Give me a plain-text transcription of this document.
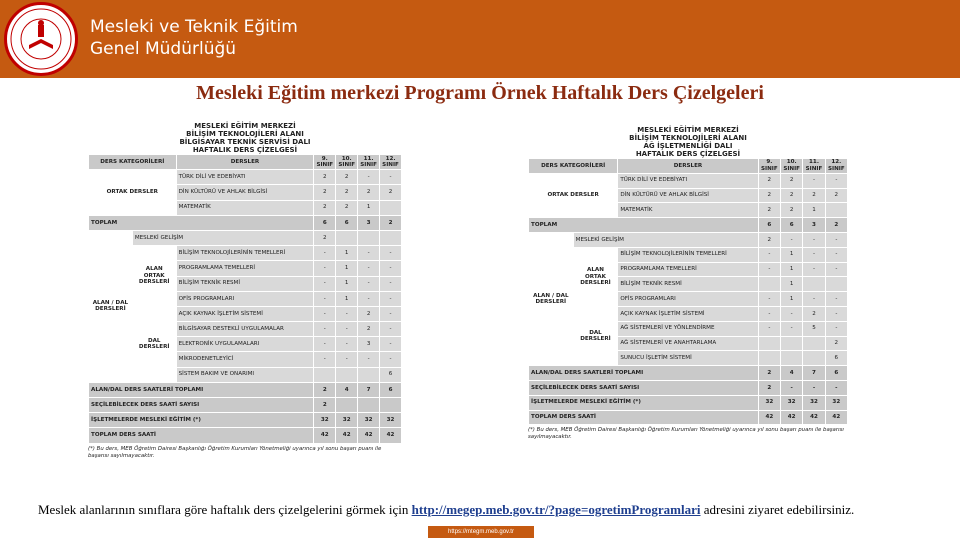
Mesleki ve Teknik Eğitim
Genel Müdürlüğü
Mesleki Eğitim merkezi Programı Örnek Haftalık Ders Çizelgeleri
MESLEKİ EĞİTİM MERKEZİ
BİLİŞİM TEKNOLOJİLERİ ALANI
BİLGİSAYAR TEKNİK SERVİSİ DALI
HAFTALIK DERS ÇİZELGESİ
DERS KATEGORİLERİ		DERSLER	9. SINIF	10. SINIF	11. SINIF	12. SINIF
ORTAK DERSLER		TÜRK DİLİ VE EDEBİYATI	2	2	-	-
		DİN KÜLTÜRÜ VE AHLAK BİLGİSİ	2	2	2	2
		MATEMATİK	2	2	1	
TOPLAM			6	6	3	2
ALAN / DAL DERSLERİ	MESLEKİ GELİŞİM		2			
	ALAN ORTAK DERSLERİ	BİLİŞİM TEKNOLOJİLERİNİN TEMELLERİ	-	1	-	-
		PROGRAMLAMA TEMELLERİ	-	1	-	-
		BİLİŞİM TEKNİK RESMİ	-	1	-	-
		OFİS PROGRAMLARI	-	1	-	-
	DAL DERSLERİ	AÇIK KAYNAK İŞLETİM SİSTEMİ	-	-	2	-
		BİLGİSAYAR DESTEKLİ UYGULAMALAR	-	-	2	-
		ELEKTRONİK UYGULAMALARI	-	-	3	-
		MİKRODENETLEYİCİ	-	-	-	-
		SİSTEM BAKIM VE ONARIMI				6
ALAN/DAL DERS SAATLERİ TOPLAMI			2	4	7	6
SEÇİLEBİLECEK DERS SAATİ SAYISI			2			
İŞLETMELERDE MESLEKİ EĞİTİM (*)			32	32	32	32
TOPLAM DERS SAATİ			42	42	42	42
(*) Bu ders, MEB Öğretim Dairesi Başkanlığı Öğretim Kurumları Yönetmeliği uyarınca yıl sonu başarı puanı ile başarısı sayılmayacaktır.
MESLEKİ EĞİTİM MERKEZİ
BİLİŞİM TEKNOLOJİLERİ ALANI
AĞ İŞLETMENLİĞİ DALI
HAFTALIK DERS ÇİZELGESİ
DERS KATEGORİLERİ		DERSLER	9. SINIF	10. SINIF	11. SINIF	12. SINIF
ORTAK DERSLER		TÜRK DİLİ VE EDEBİYATI	2	2	-	-
		DİN KÜLTÜRÜ VE AHLAK BİLGİSİ	2	2	2	2
		MATEMATİK	2	2	1	
TOPLAM			6	6	3	2
ALAN / DAL DERSLERİ	MESLEKİ GELİŞİM		2	-	-	-
	ALAN ORTAK DERSLERİ	BİLİŞİM TEKNOLOJİLERİNİN TEMELLERİ	-	1	-	-
		PROGRAMLAMA TEMELLERİ	-	1	-	-
		BİLİŞİM TEKNİK RESMİ		1		
		OFİS PROGRAMLARI	-	1	-	-
	DAL DERSLERİ	AÇIK KAYNAK İŞLETİM SİSTEMİ	-	-	2	-
		AĞ SİSTEMLERİ VE YÖNLENDİRME	-	-	5	-
		AĞ SİSTEMLERİ VE ANAHTARLAMA				2
		SUNUCU İŞLETİM SİSTEMİ				6
ALAN/DAL DERS SAATLERİ TOPLAMI			2	4	7	6
SEÇİLEBİLECEK DERS SAATİ SAYISI			2	-	-	-
İŞLETMELERDE MESLEKİ EĞİTİM (*)			32	32	32	32
TOPLAM DERS SAATİ			42	42	42	42
(*) Bu ders, MEB Öğretim Dairesi Başkanlığı Öğretim Kurumları Yönetmeliği uyarınca yıl sonu başarı puanı ile başarısı sayılmayacaktır.
Meslek alanlarının sınıflara göre haftalık ders çizelgelerini görmek için http://megep.meb.gov.tr/?page=ogretimProgramlari adresini ziyaret edebilirsiniz.
https://mtegm.meb.gov.tr
